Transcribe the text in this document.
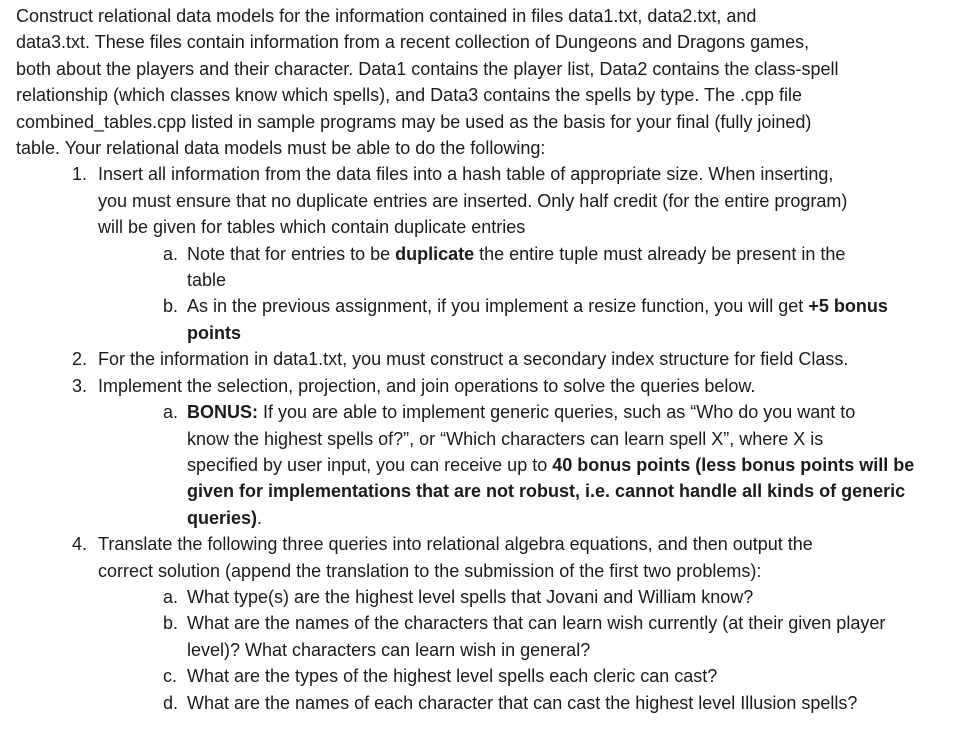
Construct relational data models for the information contained in files data1.txt, data2.txt, and
data3.txt. These files contain information from a recent collection of Dungeons and Dragons games,
both about the players and their character. Data1 contains the player list, Data2 contains the class-spell
relationship (which classes know which spells), and Data3 contains the spells by type. The .cpp file
combined_tables.cpp listed in sample programs may be used as the basis for your final (fully joined)
table. Your relational data models must be able to do the following:
1. Insert all information from the data files into a hash table of appropriate size. When inserting,
you must ensure that no duplicate entries are inserted. Only half credit (for the entire program)
will be given for tables which contain duplicate entries
a. Note that for entries to be duplicate the entire tuple must already be present in the
table
b. As in the previous assignment, if you implement a resize function, you will get +5 bonus
points
2. For the information in data1.txt, you must construct a secondary index structure for field Class.
3. Implement the selection, projection, and join operations to solve the queries below.
a. BONUS: If you are able to implement generic queries, such as “Who do you want to
know the highest spells of?”, or “Which characters can learn spell X”, where X is
specified by user input, you can receive up to 40 bonus points (less bonus points will be
given for implementations that are not robust, i.e. cannot handle all kinds of generic
queries).
4. Translate the following three queries into relational algebra equations, and then output the
correct solution (append the translation to the submission of the first two problems):
a. What type(s) are the highest level spells that Jovani and William know?
b. What are the names of the characters that can learn wish currently (at their given player
level)? What characters can learn wish in general?
c. What are the types of the highest level spells each cleric can cast?
d. What are the names of each character that can cast the highest level Illusion spells?
